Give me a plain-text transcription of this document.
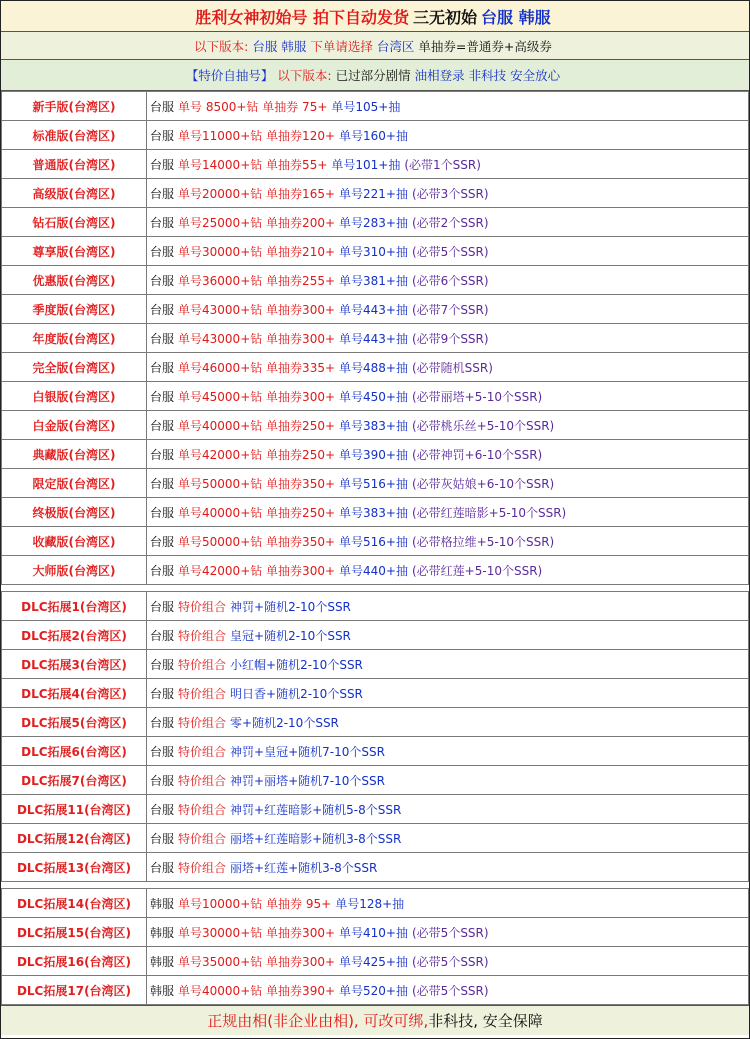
胜利女神初始号 拍下自动发货 三无初始 台服 韩服
以下版本: 台服 韩服 下单请选择 台湾区 单抽券=普通券+高级券
【特价自抽号】 以下版本: 已过部分剧情 油相登录 非科技 安全放心
新手版(台湾区)	台服 单号 8500+钻 单抽券 75+ 单号105+抽
标准版(台湾区)	台服 单号11000+钻 单抽券120+ 单号160+抽
普通版(台湾区)	台服 单号14000+钻 单抽券55+ 单号101+抽 (必带1个SSR)
高级版(台湾区)	台服 单号20000+钻 单抽券165+ 单号221+抽 (必带3个SSR)
钻石版(台湾区)	台服 单号25000+钻 单抽券200+ 单号283+抽 (必带2个SSR)
尊享版(台湾区)	台服 单号30000+钻 单抽券210+ 单号310+抽 (必带5个SSR)
优惠版(台湾区)	台服 单号36000+钻 单抽券255+ 单号381+抽 (必带6个SSR)
季度版(台湾区)	台服 单号43000+钻 单抽券300+ 单号443+抽 (必带7个SSR)
年度版(台湾区)	台服 单号43000+钻 单抽券300+ 单号443+抽 (必带9个SSR)
完全版(台湾区)	台服 单号46000+钻 单抽券335+ 单号488+抽 (必带随机SSR)
白银版(台湾区)	台服 单号45000+钻 单抽券300+ 单号450+抽 (必带丽塔+5-10个SSR)
白金版(台湾区)	台服 单号40000+钻 单抽券250+ 单号383+抽 (必带桃乐丝+5-10个SSR)
典藏版(台湾区)	台服 单号42000+钻 单抽券250+ 单号390+抽 (必带神罚+6-10个SSR)
限定版(台湾区)	台服 单号50000+钻 单抽券350+ 单号516+抽 (必带灰姑娘+6-10个SSR)
终极版(台湾区)	台服 单号40000+钻 单抽券250+ 单号383+抽 (必带红莲暗影+5-10个SSR)
收藏版(台湾区)	台服 单号50000+钻 单抽券350+ 单号516+抽 (必带格拉维+5-10个SSR)
大师版(台湾区)	台服 单号42000+钻 单抽券300+ 单号440+抽 (必带红莲+5-10个SSR)

DLC拓展1(台湾区)	台服 特价组合 神罚+随机2-10个SSR
DLC拓展2(台湾区)	台服 特价组合 皇冠+随机2-10个SSR
DLC拓展3(台湾区)	台服 特价组合 小红帽+随机2-10个SSR
DLC拓展4(台湾区)	台服 特价组合 明日香+随机2-10个SSR
DLC拓展5(台湾区)	台服 特价组合 零+随机2-10个SSR
DLC拓展6(台湾区)	台服 特价组合 神罚+皇冠+随机7-10个SSR
DLC拓展7(台湾区)	台服 特价组合 神罚+丽塔+随机7-10个SSR
DLC拓展11(台湾区)	台服 特价组合 神罚+红莲暗影+随机5-8个SSR
DLC拓展12(台湾区)	台服 特价组合 丽塔+红莲暗影+随机3-8个SSR
DLC拓展13(台湾区)	台服 特价组合 丽塔+红莲+随机3-8个SSR

DLC拓展14(台湾区)	韩服 单号10000+钻 单抽券 95+ 单号128+抽
DLC拓展15(台湾区)	韩服 单号30000+钻 单抽券300+ 单号410+抽 (必带5个SSR)
DLC拓展16(台湾区)	韩服 单号35000+钻 单抽券300+ 单号425+抽 (必带5个SSR)
DLC拓展17(台湾区)	韩服 单号40000+钻 单抽券390+ 单号520+抽 (必带5个SSR)
正规由相(非企业由相), 可改可绑, 非科技, 安全保障
